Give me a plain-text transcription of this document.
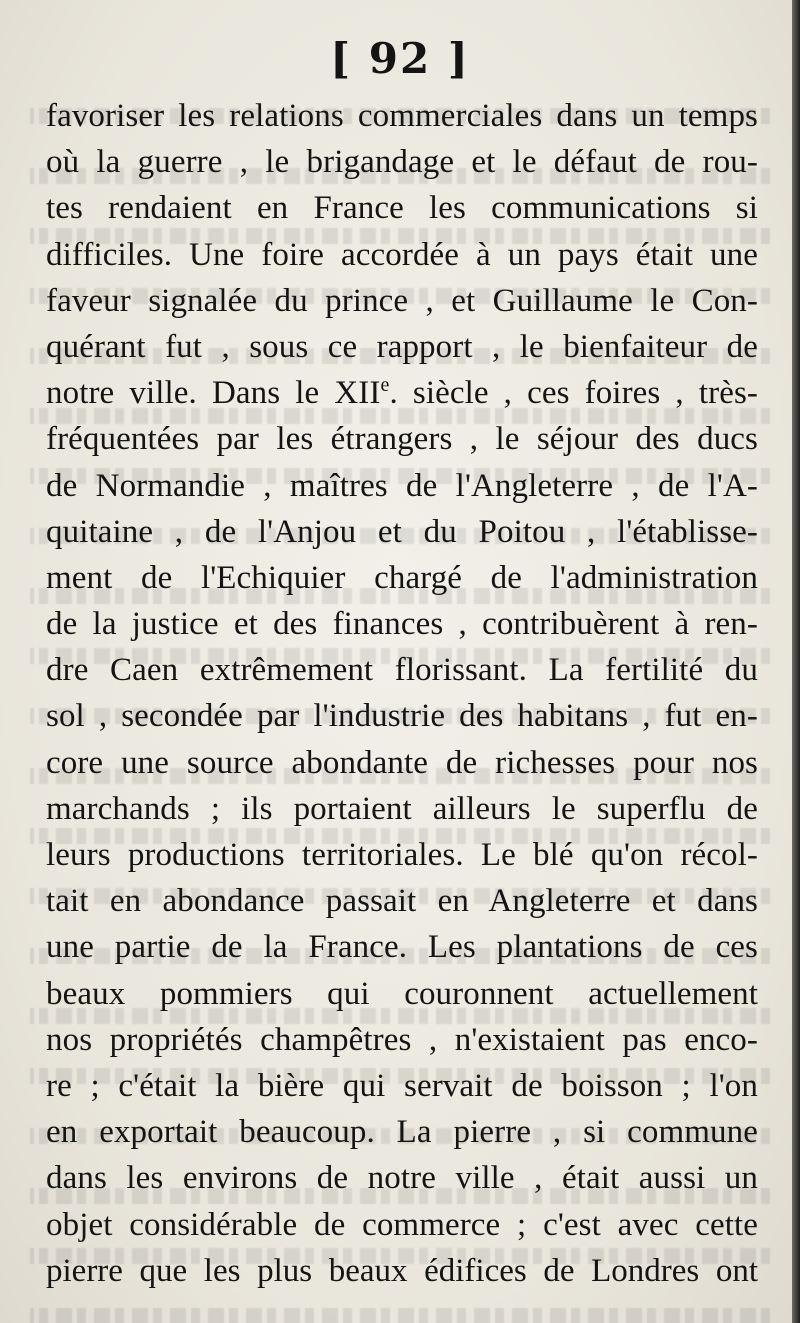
[ 92 ]
favoriser les relations commerciales dans un temps
où la guerre , le brigandage et le défaut de rou-
tes rendaient en France les communications si
difficiles. Une foire accordée à un pays était une
faveur signalée du prince , et Guillaume le Con-
quérant fut , sous ce rapport , le bienfaiteur de
notre ville. Dans le XIIe. siècle , ces foires , très-
fréquentées par les étrangers , le séjour des ducs
de Normandie , maîtres de l'Angleterre , de l'A-
quitaine , de l'Anjou et du Poitou , l'établisse-
ment de l'Echiquier chargé de l'administration
de la justice et des finances , contribuèrent à ren-
dre Caen extrêmement florissant. La fertilité du
sol , secondée par l'industrie des habitans , fut en-
core une source abondante de richesses pour nos
marchands ; ils portaient ailleurs le superflu de
leurs productions territoriales. Le blé qu'on récol-
tait en abondance passait en Angleterre et dans
une partie de la France. Les plantations de ces
beaux pommiers qui couronnent actuellement
nos propriétés champêtres , n'existaient pas enco-
re ; c'était la bière qui servait de boisson ; l'on
en exportait beaucoup. La pierre , si commune
dans les environs de notre ville , était aussi un
objet considérable de commerce ; c'est avec cette
pierre que les plus beaux édifices de Londres ont
